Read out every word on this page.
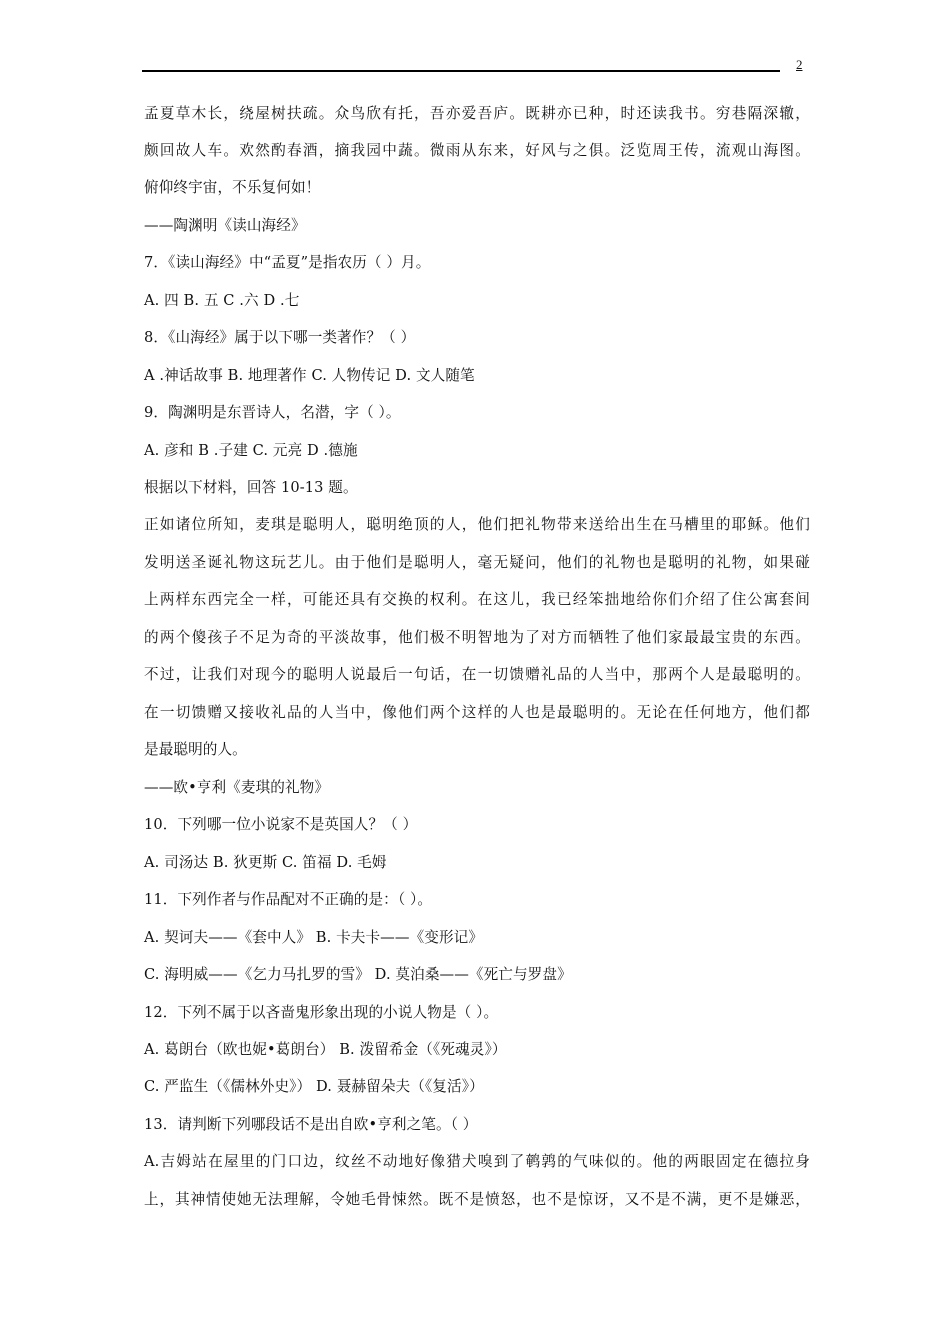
2
孟夏草木长，绕屋树扶疏。众鸟欣有托，吾亦爱吾庐。既耕亦已种，时还读我书。穷巷隔深辙，
颇回故人车。欢然酌春酒，摘我园中蔬。微雨从东来，好风与之俱。泛览周王传，流观山海图。
俯仰终宇宙，不乐复何如！
——陶渊明《读山海经》
7．《读山海经》中“孟夏”是指农历（ ）月。
A. 四 B. 五 C .六 D .七
8．《山海经》属于以下哪一类著作？（ ）
A .神话故事 B. 地理著作 C. 人物传记 D. 文人随笔
9．陶渊明是东晋诗人，名潜，字（ ）。
A. 彦和 B .子建 C. 元亮 D .德施
根据以下材料，回答 10-13 题。
正如诸位所知，麦琪是聪明人，聪明绝顶的人，他们把礼物带来送给出生在马槽里的耶稣。他们
发明送圣诞礼物这玩艺儿。由于他们是聪明人，毫无疑问，他们的礼物也是聪明的礼物，如果碰
上两样东西完全一样，可能还具有交换的权利。在这儿，我已经笨拙地给你们介绍了住公寓套间
的两个傻孩子不足为奇的平淡故事，他们极不明智地为了对方而牺牲了他们家最最宝贵的东西。
不过，让我们对现今的聪明人说最后一句话，在一切馈赠礼品的人当中，那两个人是最聪明的。
在一切馈赠又接收礼品的人当中，像他们两个这样的人也是最聪明的。无论在任何地方，他们都
是最聪明的人。
——欧•亨利《麦琪的礼物》
10．下列哪一位小说家不是英国人？（ ）
A. 司汤达 B. 狄更斯 C. 笛福 D. 毛姆
11．下列作者与作品配对不正确的是：（ ）。
A. 契诃夫——《套中人》 B. 卡夫卡——《变形记》
C. 海明威——《乞力马扎罗的雪》 D. 莫泊桑——《死亡与罗盘》
12．下列不属于以吝啬鬼形象出现的小说人物是（ ）。
A. 葛朗台（欧也妮•葛朗台） B. 泼留希金（《死魂灵》）
C. 严监生（《儒林外史》） D. 聂赫留朵夫（《复活》）
13．请判断下列哪段话不是出自欧•亨利之笔。（ ）
A.吉姆站在屋里的门口边，纹丝不动地好像猎犬嗅到了鹌鹑的气味似的。他的两眼固定在德拉身
上，其神情使她无法理解，令她毛骨悚然。既不是愤怒，也不是惊讶，又不是不满，更不是嫌恶，
